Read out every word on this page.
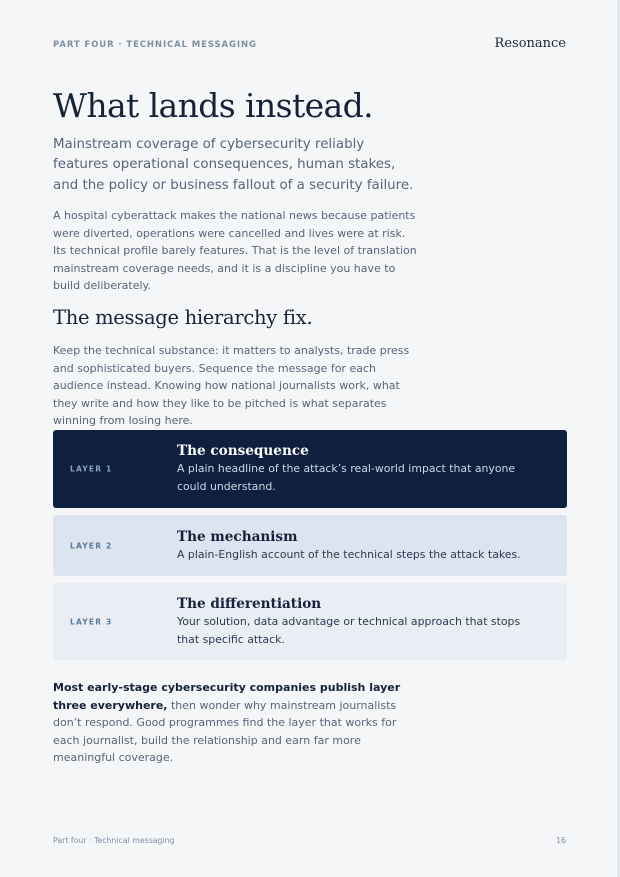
PART FOUR · TECHNICAL MESSAGING	Resonance
What lands instead.

Mainstream coverage of cybersecurity reliably features operational consequences, human stakes, and the policy or business fallout of a security failure.

A hospital cyberattack makes the national news because patients were diverted, operations were cancelled and lives were at risk. Its technical profile barely features. That is the level of translation mainstream coverage needs, and it is a discipline you have to build deliberately.

The message hierarchy fix.

Keep the technical substance: it matters to analysts, trade press and sophisticated buyers. Sequence the message for each audience instead. Knowing how national journalists work, what they write and how they like to be pitched is what separates winning from losing here.

LAYER 1

The consequence

A plain headline of the attack’s real-world impact that anyone could understand.

LAYER 2

The mechanism

A plain-English account of the technical steps the attack takes.

LAYER 3

The differentiation

Your solution, data advantage or technical approach that stops that specific attack.

Most early-stage cybersecurity companies publish layer three everywhere, then wonder why mainstream journalists don’t respond. Good programmes find the layer that works for each journalist, build the relationship and earn far more meaningful coverage.

Part four · Technical messaging	16
